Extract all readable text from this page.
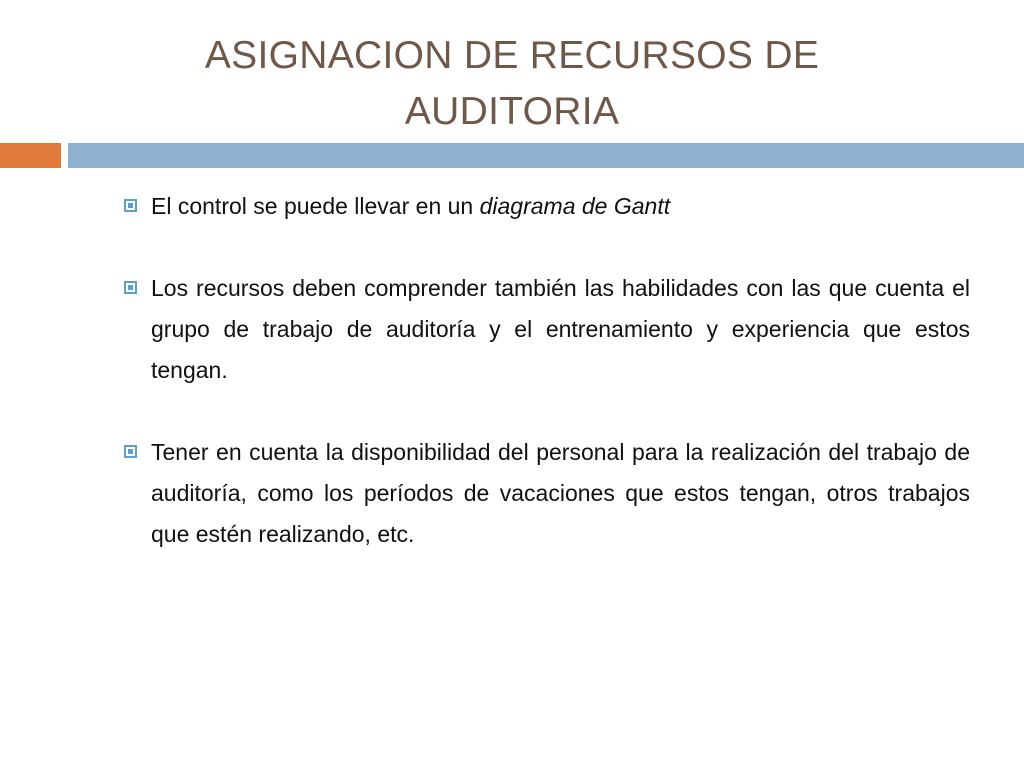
ASIGNACION DE RECURSOS DE
AUDITORIA
El control se puede llevar en un diagrama de Gantt
Los recursos deben comprender también las habilidades con las que cuenta el grupo de trabajo de auditoría y el entrenamiento y experiencia que estos tengan.
Tener en cuenta la disponibilidad del personal para la realización del trabajo de auditoría, como los períodos de vacaciones que estos tengan, otros trabajos que estén realizando, etc.
